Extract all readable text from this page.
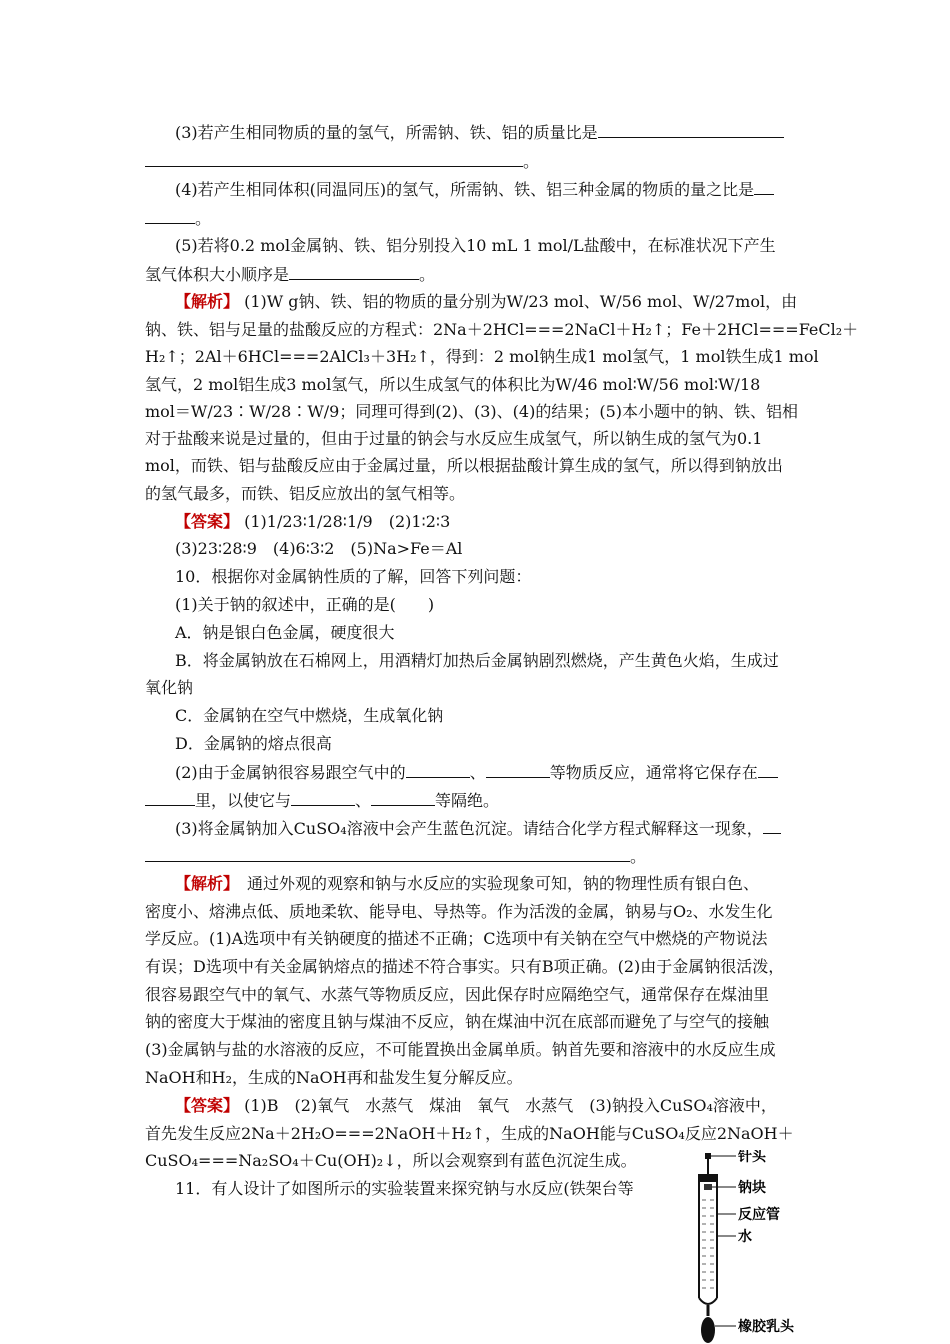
(3)若产生相同物质的量的氢气，所需钠、铁、铝的质量比是
。
(4)若产生相同体积(同温同压)的氢气，所需钠、铁、铝三种金属的物质的量之比是
。
(5)若将0.2 mol金属钠、铁、铝分别投入10 mL 1 mol/L盐酸中，在标准状况下产生
氢气体积大小顺序是	。
【解析】 (1)W g钠、铁、铝的物质的量分别为W/23 mol、W/56 mol、W/27mol，由
钠、铁、铝与足量的盐酸反应的方程式：2Na＋2HCl===2NaCl＋H₂↑；Fe＋2HCl===FeCl₂＋
H₂↑；2Al＋6HCl===2AlCl₃＋3H₂↑，得到：2 mol钠生成1 mol氢气，1 mol铁生成1 mol
氢气，2 mol铝生成3 mol氢气，所以生成氢气的体积比为W/46 mol∶W/56 mol∶W/18
mol＝W/23∶W/28∶W/9；同理可得到(2)、(3)、(4)的结果；(5)本小题中的钠、铁、铝相
对于盐酸来说是过量的，但由于过量的钠会与水反应生成氢气，所以钠生成的氢气为0.1
mol，而铁、铝与盐酸反应由于金属过量，所以根据盐酸计算生成的氢气，所以得到钠放出
的氢气最多，而铁、铝反应放出的氢气相等。
【答案】 (1)1/23∶1/28∶1/9　(2)1∶2∶3
(3)23∶28∶9　(4)6∶3∶2　(5)Na>Fe＝Al
10．根据你对金属钠性质的了解，回答下列问题：
(1)关于钠的叙述中，正确的是(　　)
A．钠是银白色金属，硬度很大
B．将金属钠放在石棉网上，用酒精灯加热后金属钠剧烈燃烧，产生黄色火焰，生成过
氧化钠
C．金属钠在空气中燃烧，生成氧化钠
D．金属钠的熔点很高
(2)由于金属钠很容易跟空气中的	、	等物质反应，通常将它保存在
里，以使它与	、	等隔绝。
(3)将金属钠加入CuSO₄溶液中会产生蓝色沉淀。请结合化学方程式解释这一现象，
。
【解析】　通过外观的观察和钠与水反应的实验现象可知，钠的物理性质有银白色、
密度小、熔沸点低、质地柔软、能导电、导热等。作为活泼的金属，钠易与O₂、水发生化
学反应。(1)A选项中有关钠硬度的描述不正确；C选项中有关钠在空气中燃烧的产物说法
有误；D选项中有关金属钠熔点的描述不符合事实。只有B项正确。(2)由于金属钠很活泼，
很容易跟空气中的氧气、水蒸气等物质反应，因此保存时应隔绝空气，通常保存在煤油里
钠的密度大于煤油的密度且钠与煤油不反应，钠在煤油中沉在底部而避免了与空气的接触
(3)金属钠与盐的水溶液的反应，不可能置换出金属单质。钠首先要和溶液中的水反应生成
NaOH和H₂，生成的NaOH再和盐发生复分解反应。
【答案】 (1)B　(2)氧气　水蒸气　煤油　氧气　水蒸气　(3)钠投入CuSO₄溶液中，
首先发生反应2Na＋2H₂O===2NaOH＋H₂↑，生成的NaOH能与CuSO₄反应2NaOH＋
CuSO₄===Na₂SO₄＋Cu(OH)₂↓，所以会观察到有蓝色沉淀生成。
11．有人设计了如图所示的实验装置来探究钠与水反应(铁架台等
针头
钠块
反应管
水
橡胶乳头
